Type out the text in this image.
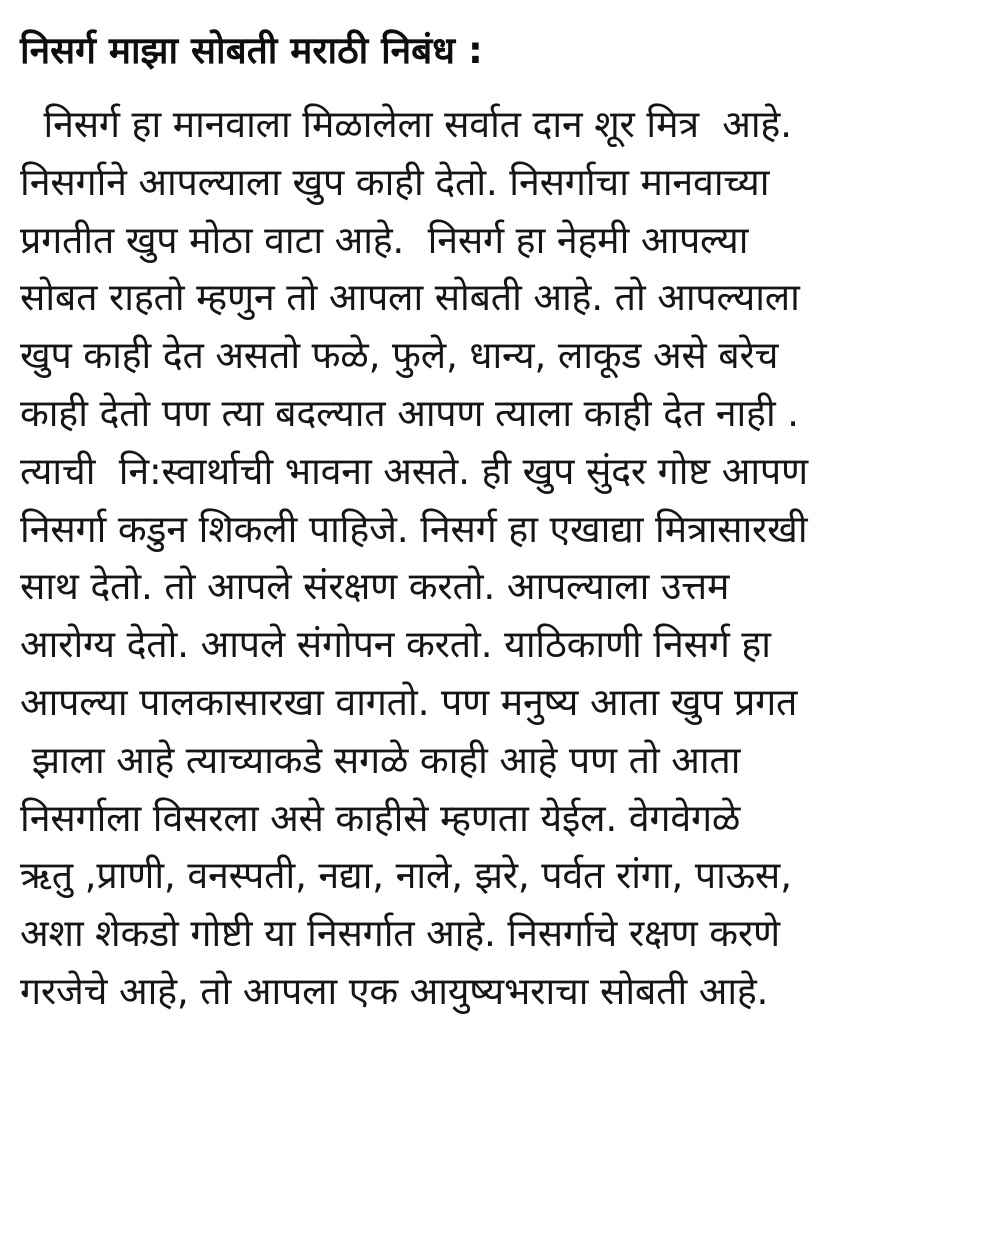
निसर्ग माझा सोबती मराठी निबंध :
निसर्ग हा मानवाला मिळालेला सर्वात दान शूर मित्र  आहे.
निसर्गाने आपल्याला खुप काही देतो. निसर्गाचा मानवाच्या
प्रगतीत खुप मोठा वाटा आहे.  निसर्ग हा नेहमी आपल्या
सोबत राहतो म्हणुन तो आपला सोबती आहे. तो आपल्याला
खुप काही देत असतो फळे, फुले, धान्य, लाकूड असे बरेच
काही देतो पण त्या बदल्यात आपण त्याला काही देत नाही .
त्याची  नि:स्वार्थाची भावना असते. ही खुप सुंदर गोष्ट आपण
निसर्गा कडुन शिकली पाहिजे. निसर्ग हा एखाद्या मित्रासारखी
साथ देतो. तो आपले संरक्षण करतो. आपल्याला उत्तम
आरोग्य देतो. आपले संगोपन करतो. याठिकाणी निसर्ग हा
आपल्या पालकासारखा वागतो. पण मनुष्य आता खुप प्रगत
झाला आहे त्याच्याकडे सगळे काही आहे पण तो आता
निसर्गाला विसरला असे काहीसे म्हणता येईल. वेगवेगळे
ऋतु ,प्राणी, वनस्पती, नद्या, नाले, झरे, पर्वत रांगा, पाऊस,
अशा शेकडो गोष्टी या निसर्गात आहे. निसर्गाचे रक्षण करणे
गरजेचे आहे, तो आपला एक आयुष्यभराचा सोबती आहे.
